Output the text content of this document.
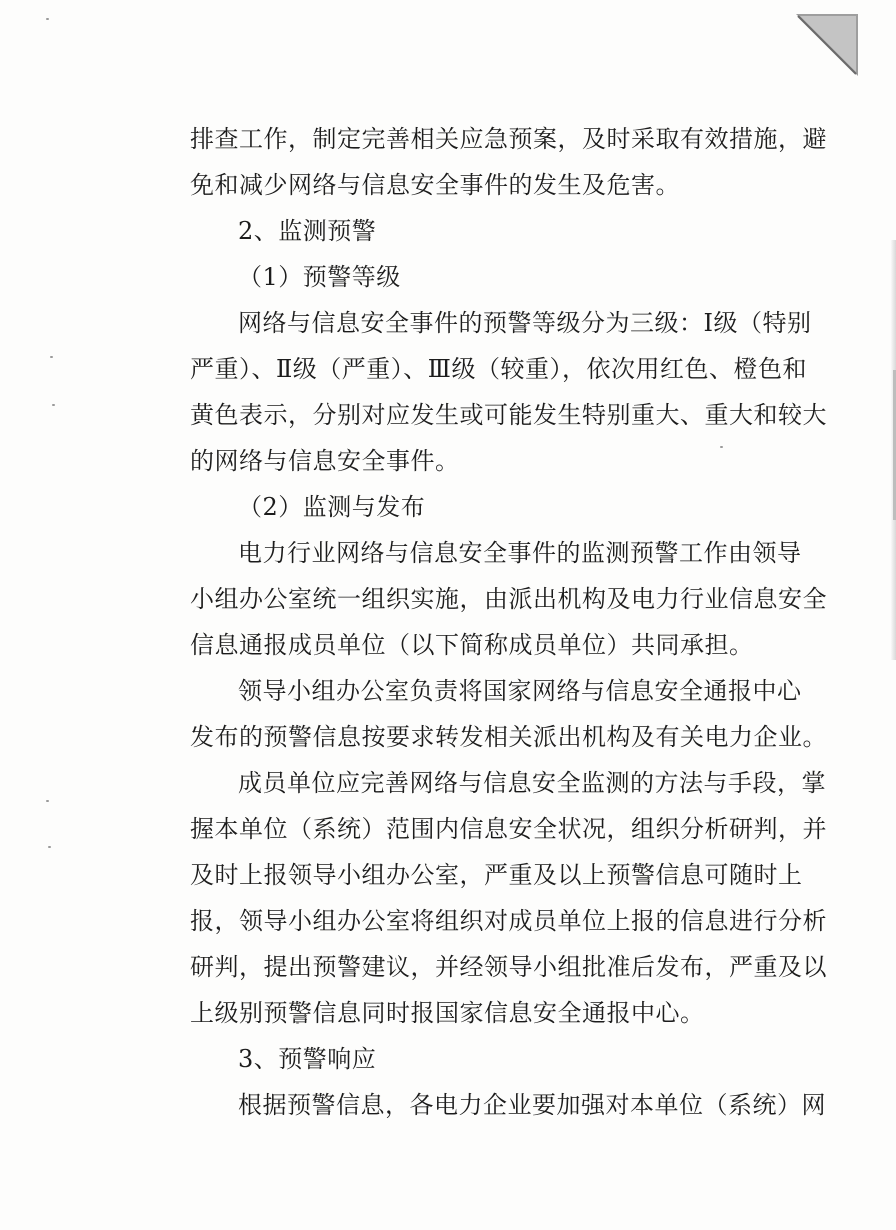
排查工作，制定完善相关应急预案，及时采取有效措施，避
免和减少网络与信息安全事件的发生及危害。
2、监测预警
（1）预警等级
网络与信息安全事件的预警等级分为三级：Ⅰ级（特别
严重）、Ⅱ级（严重）、Ⅲ级（较重），依次用红色、橙色和
黄色表示，分别对应发生或可能发生特别重大、重大和较大
的网络与信息安全事件。
（2）监测与发布
电力行业网络与信息安全事件的监测预警工作由领导
小组办公室统一组织实施，由派出机构及电力行业信息安全
信息通报成员单位（以下简称成员单位）共同承担。
领导小组办公室负责将国家网络与信息安全通报中心
发布的预警信息按要求转发相关派出机构及有关电力企业。
成员单位应完善网络与信息安全监测的方法与手段，掌
握本单位（系统）范围内信息安全状况，组织分析研判，并
及时上报领导小组办公室，严重及以上预警信息可随时上
报，领导小组办公室将组织对成员单位上报的信息进行分析
研判，提出预警建议，并经领导小组批准后发布，严重及以
上级别预警信息同时报国家信息安全通报中心。
3、预警响应
根据预警信息，各电力企业要加强对本单位（系统）网
